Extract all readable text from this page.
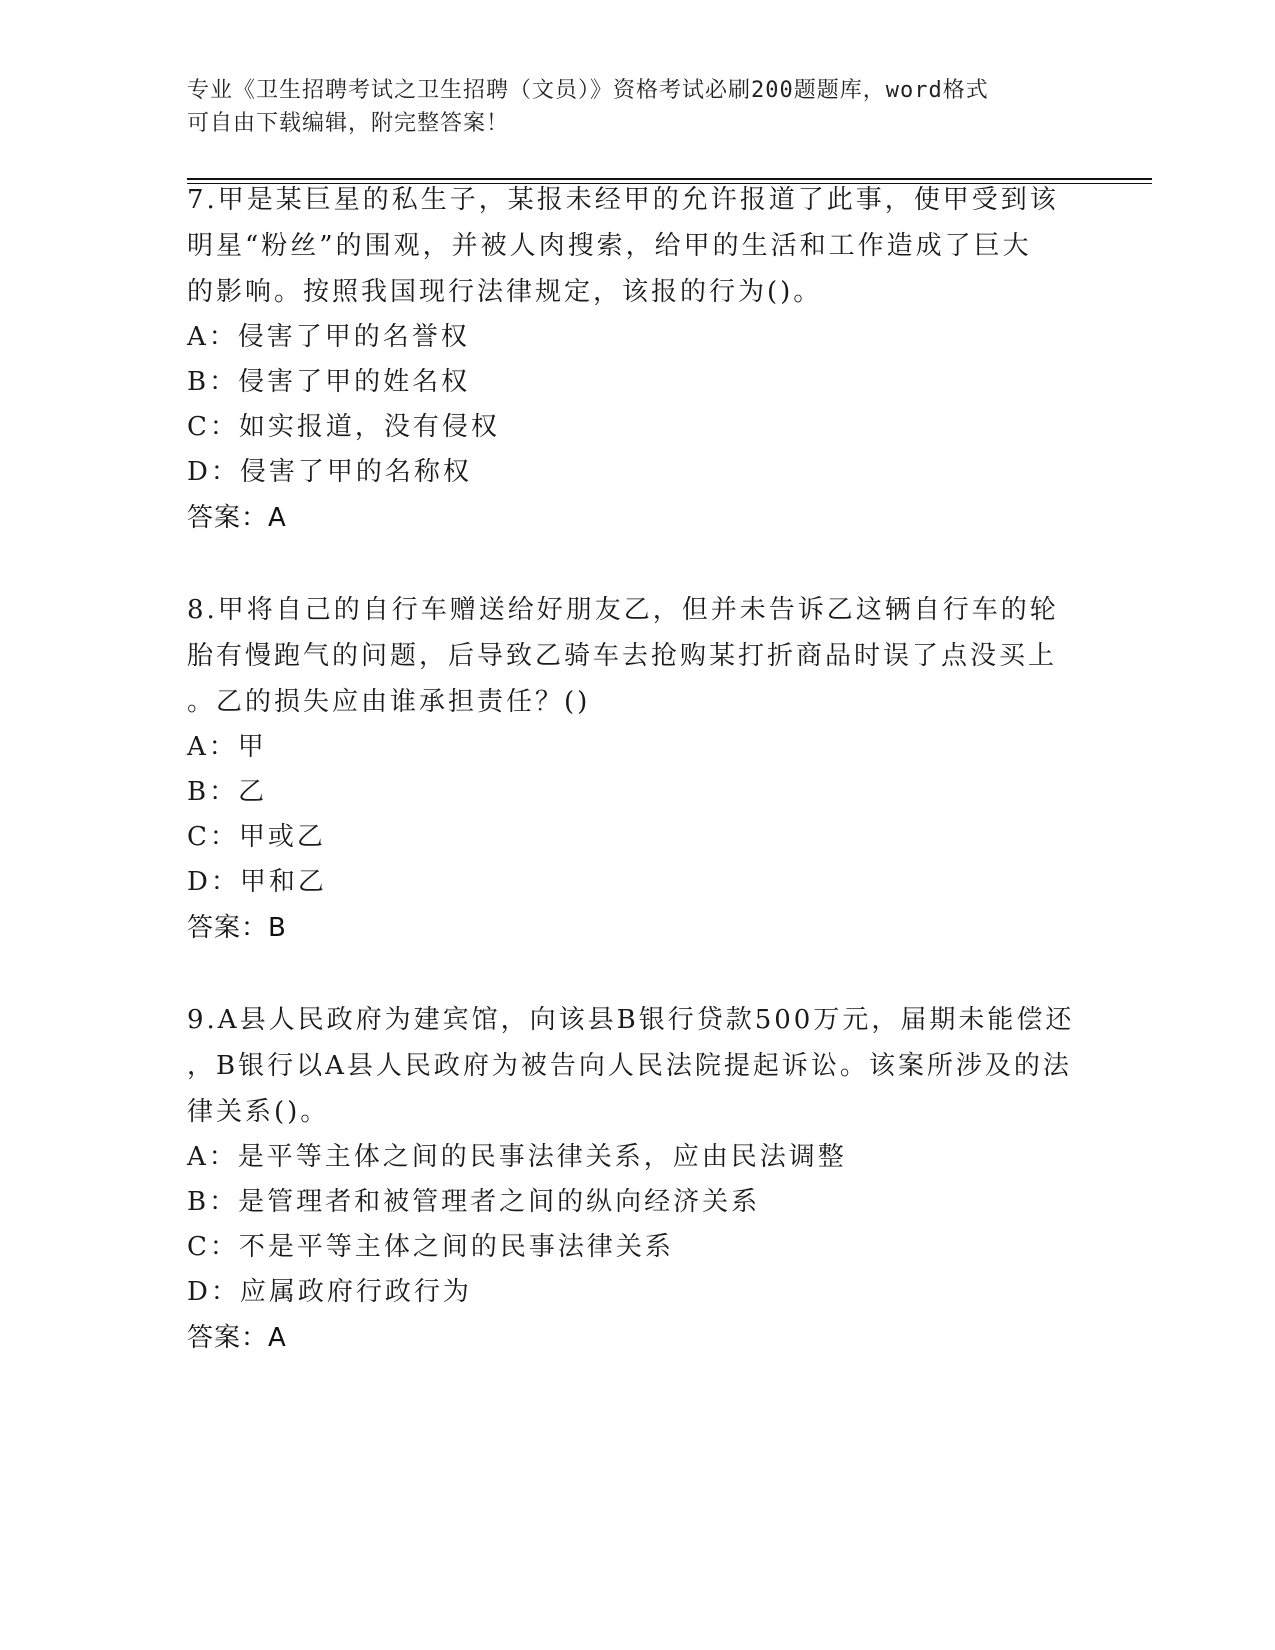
专业《卫生招聘考试之卫生招聘（文员）》资格考试必刷200题题库，word格式
可自由下载编辑，附完整答案！
7.甲是某巨星的私生子，某报未经甲的允许报道了此事，使甲受到该
明星“粉丝”的围观，并被人肉搜索，给甲的生活和工作造成了巨大
的影响。按照我国现行法律规定，该报的行为()。
A：侵害了甲的名誉权
B：侵害了甲的姓名权
C：如实报道，没有侵权
D：侵害了甲的名称权
答案：A
8.甲将自己的自行车赠送给好朋友乙，但并未告诉乙这辆自行车的轮
胎有慢跑气的问题，后导致乙骑车去抢购某打折商品时误了点没买上
。乙的损失应由谁承担责任？()
A：甲
B：乙
C：甲或乙
D：甲和乙
答案：B
9.A县人民政府为建宾馆，向该县B银行贷款500万元，届期未能偿还
，B银行以A县人民政府为被告向人民法院提起诉讼。该案所涉及的法
律关系()。
A：是平等主体之间的民事法律关系，应由民法调整
B：是管理者和被管理者之间的纵向经济关系
C：不是平等主体之间的民事法律关系
D：应属政府行政行为
答案：A
